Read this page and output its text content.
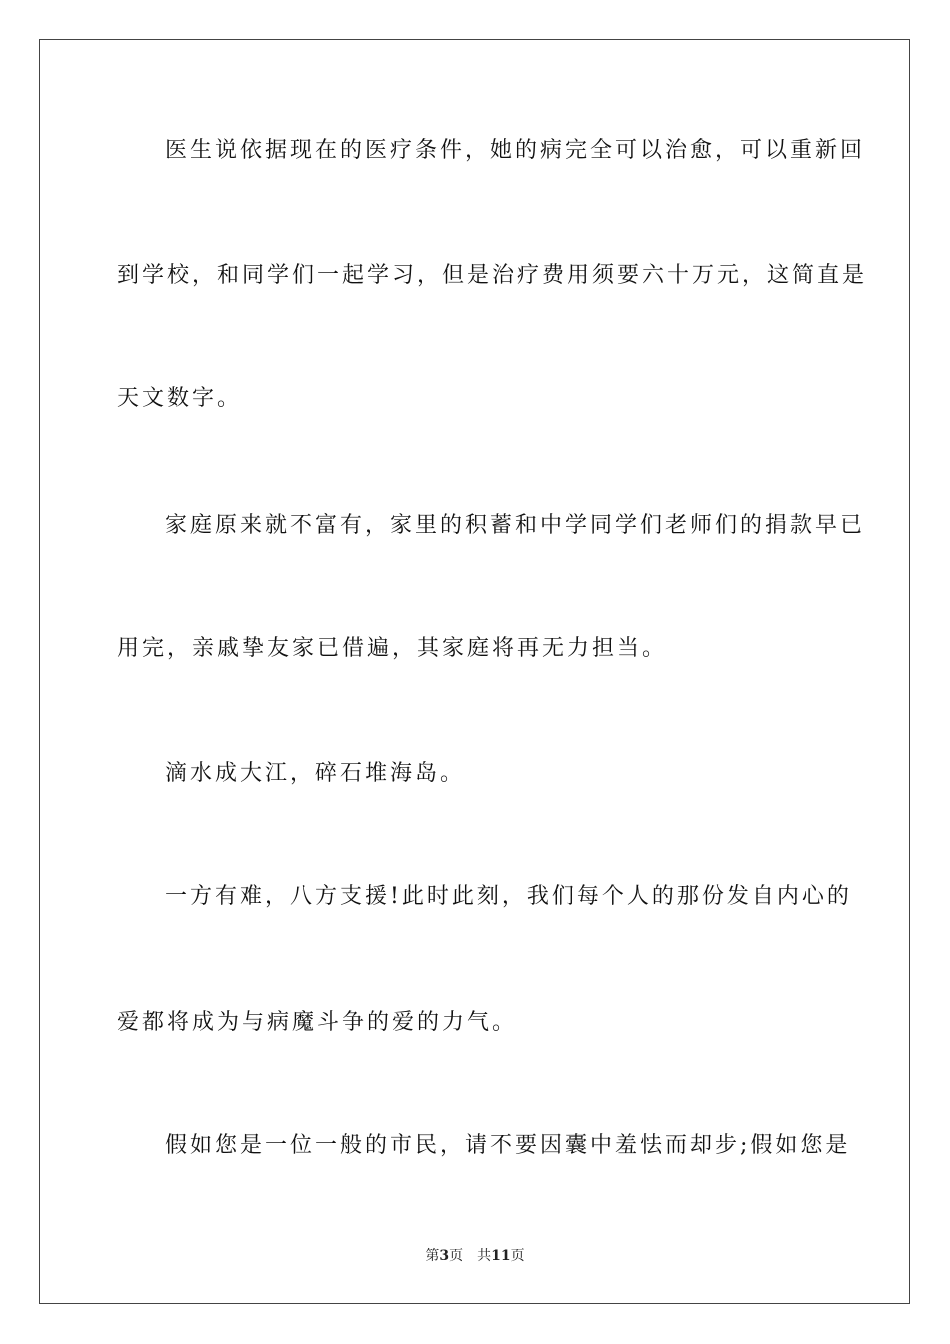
医生说依据现在的医疗条件，她的病完全可以治愈，可以重新回
到学校，和同学们一起学习，但是治疗费用须要六十万元，这简直是
天文数字。
家庭原来就不富有，家里的积蓄和中学同学们老师们的捐款早已
用完，亲戚挚友家已借遍，其家庭将再无力担当。
滴水成大江，碎石堆海岛。
一方有难，八方支援!此时此刻，我们每个人的那份发自内心的
爱都将成为与病魔斗争的爱的力气。
假如您是一位一般的市民，请不要因囊中羞怯而却步;假如您是
第3页 共11页
